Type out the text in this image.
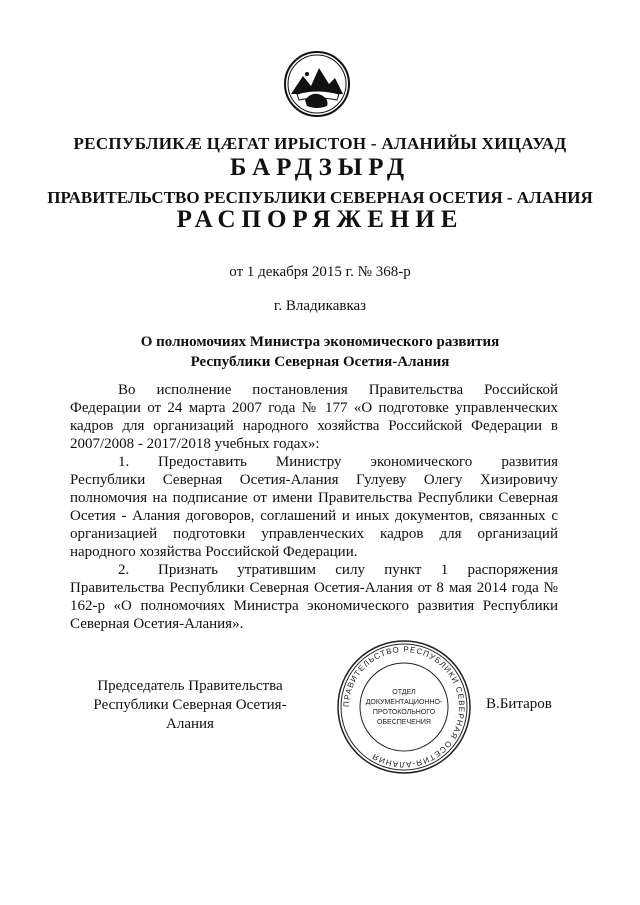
РЕСПУБЛИКӔ ЦӔГАТ ИРЫСТОН - АЛАНИЙЫ ХИЦАУАД
БАРДЗЫРД
ПРАВИТЕЛЬСТВО РЕСПУБЛИКИ СЕВЕРНАЯ ОСЕТИЯ - АЛАНИЯ
РАСПОРЯЖЕНИЕ
от 1 декабря 2015 г. № 368-р
г. Владикавказ
О полномочиях Министра экономического развития
Республики Северная Осетия-Алания

Во исполнение постановления Правительства Российской Федерации от 24 марта 2007 года № 177 «О подготовке управленческих кадров для организаций народного хозяйства Российской Федерации в 2007/2008 - 2017/2018 учебных годах»:

1. Предоставить Министру экономического развития Республики Северная Осетия-Алания Гулуеву Олегу Хизировичу полномочия на подписание от имени Правительства Республики Северная Осетия - Алания договоров, соглашений и иных документов, связанных с организацией подготовки управленческих кадров для организаций народного хозяйства Российской Федерации.

2. Признать утратившим силу пункт 1 распоряжения Правительства Республики Северная Осетия-Алания от 8 мая 2014 года № 162-р «О полномочиях Министра экономического развития Республики Северная Осетия-Алания».

Председатель Правительства
Республики Северная Осетия-Алания
ПРАВИТЕЛЬСТВО РЕСПУБЛИКИ СЕВЕРНАЯ ОСЕТИЯ-АЛАНИЯ
ОТДЕЛ
ДОКУМЕНТАЦИОННО-
ПРОТОКОЛЬНОГО
ОБЕСПЕЧЕНИЯ
В.Битаров
